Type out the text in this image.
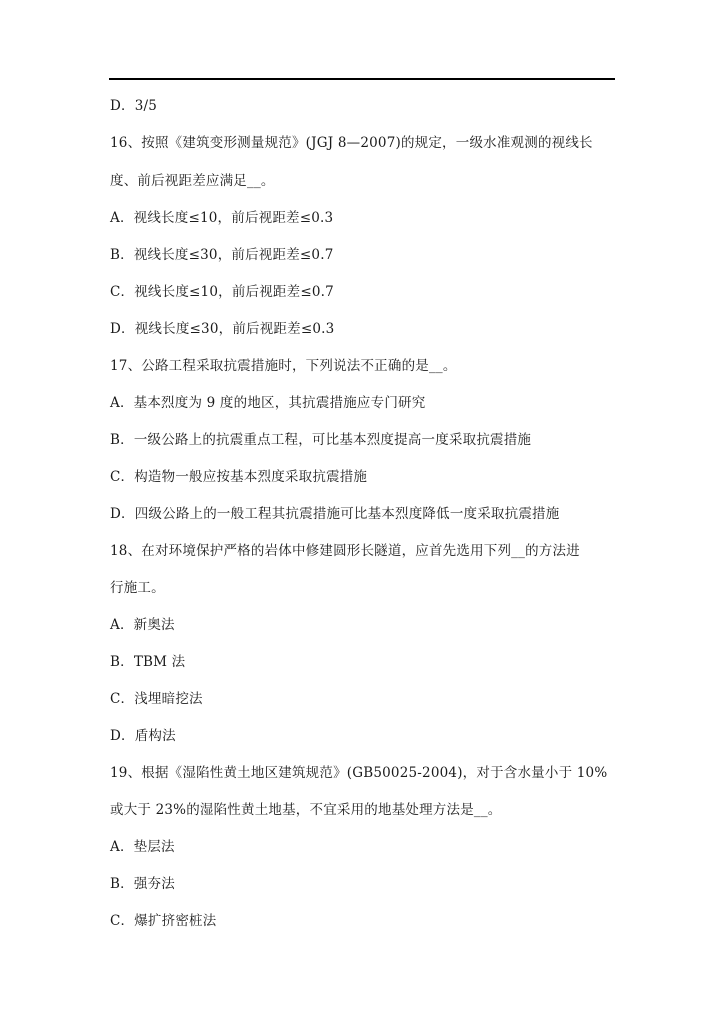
D．3/5
16、按照《建筑变形测量规范》(JGJ 8—2007)的规定，一级水准观测的视线长
度、前后视距差应满足__。
A．视线长度≤10，前后视距差≤0.3
B．视线长度≤30，前后视距差≤0.7
C．视线长度≤10，前后视距差≤0.7
D．视线长度≤30，前后视距差≤0.3
17、公路工程采取抗震措施时，下列说法不正确的是__。
A．基本烈度为 9 度的地区，其抗震措施应专门研究
B．一级公路上的抗震重点工程，可比基本烈度提高一度采取抗震措施
C．构造物一般应按基本烈度采取抗震措施
D．四级公路上的一般工程其抗震措施可比基本烈度降低一度采取抗震措施
18、在对环境保护严格的岩体中修建圆形长隧道，应首先选用下列__的方法进
行施工。
A．新奥法
B．TBM 法
C．浅埋暗挖法
D．盾构法
19、根据《湿陷性黄土地区建筑规范》(GB50025-2004)，对于含水量小于 10%
或大于 23%的湿陷性黄土地基，不宜采用的地基处理方法是__。
A．垫层法
B．强夯法
C．爆扩挤密桩法
